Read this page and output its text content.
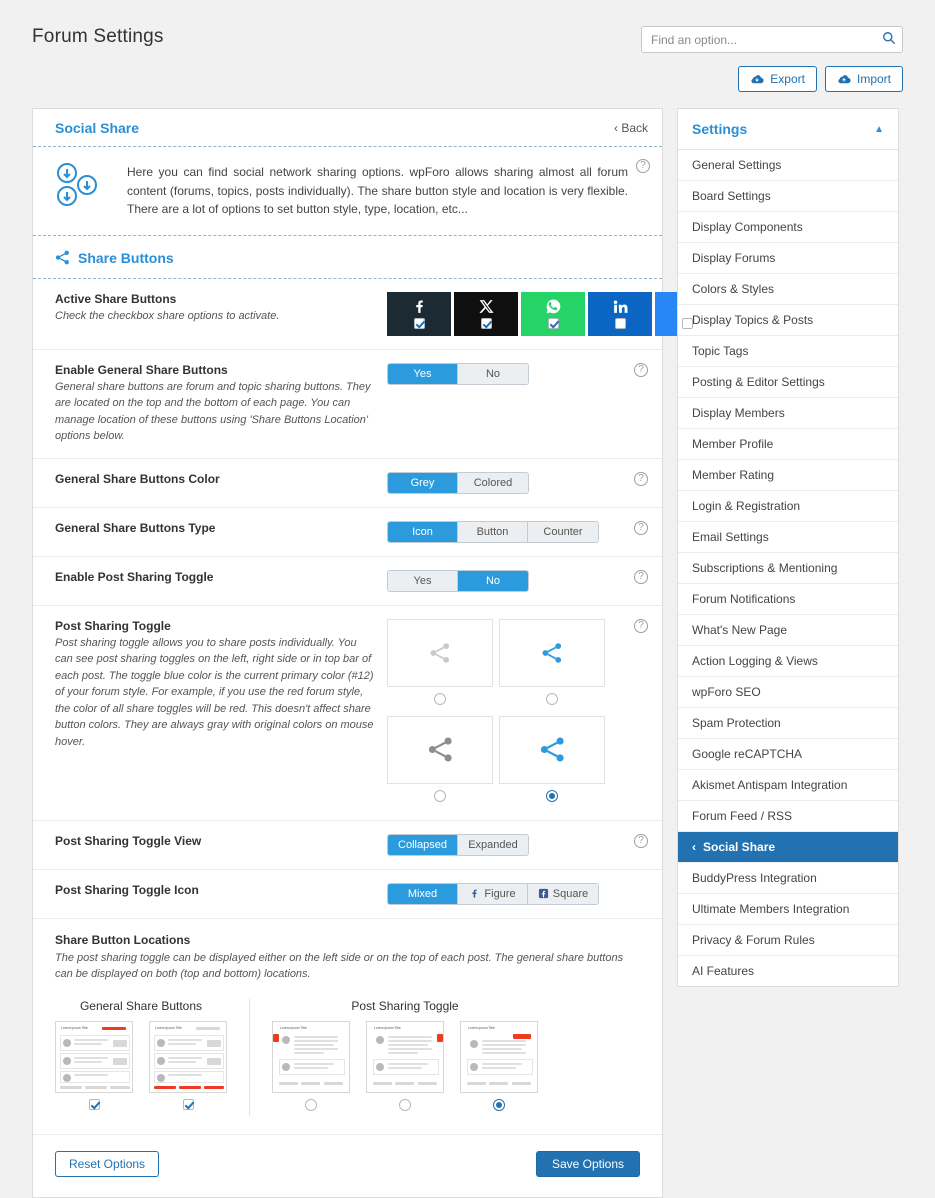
Forum Settings
Find an option...
Export	Import
Social Share	‹ Back
Here you can find social network sharing options. wpForo allows sharing almost all forum content (forums, topics, posts individually). The share button style and location is very flexible. There are a lot of options to set button style, type, location, etc...
?
Share Buttons
Active Share Buttons
Check the checkbox share options to activate.
Enable General Share Buttons
General share buttons are forum and topic sharing buttons. They are located on the top and the bottom of each page. You can manage location of these buttons using 'Share Buttons Location' options below.
Yes	No	?
General Share Buttons Color	Grey	Colored	?
General Share Buttons Type	Icon	Button	Counter	?
Enable Post Sharing Toggle	Yes	No	?
Post Sharing Toggle
Post sharing toggle allows you to share posts individually. You can see post sharing toggles on the left, right side or in top bar of each post. The toggle blue color is the current primary color (#12) of your forum style. For example, if you use the red forum style, the color of all share toggles will be red. This doesn't affect share button colors. They are always gray with original colors on mouse hover.
?
Post Sharing Toggle View	Collapsed	Expanded	?
Post Sharing Toggle Icon	Mixed	Figure	Square
Share Button Locations
The post sharing toggle can be displayed either on the left side or on the top of each post. The general share buttons can be displayed on both (top and bottom) locations.
General Share Buttons
Lorem ipsum Title	Lorem ipsum Title
Post Sharing Toggle
Lorem ipsum Title	Lorem ipsum Title	Lorem ipsum Title
Reset Options	Save Options
Settings	▲
General Settings
Board Settings
Display Components
Display Forums
Colors & Styles
Display Topics & Posts
Topic Tags
Posting & Editor Settings
Display Members
Member Profile
Member Rating
Login & Registration
Email Settings
Subscriptions & Mentioning
Forum Notifications
What's New Page
Action Logging & Views
wpForo SEO
Spam Protection
Google reCAPTCHA
Akismet Antispam Integration
Forum Feed / RSS
‹ Social Share
BuddyPress Integration
Ultimate Members Integration
Privacy & Forum Rules
AI Features
